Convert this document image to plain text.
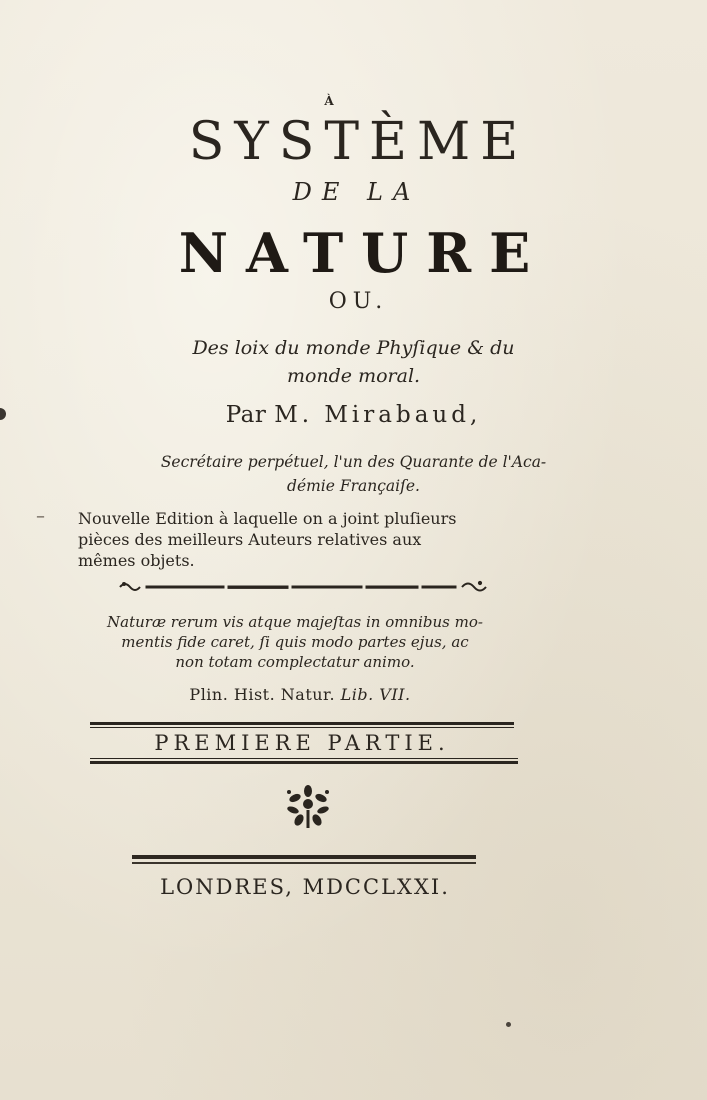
–
À
SYSTÈME
DE LA
NATURE
OU.
Des loix du monde Phyſique & du
monde moral.
Par M. Mirabaud,
Secrétaire perpétuel, l'un des Quarante de l'Aca-
démie Françaiſe.
Nouvelle Edition à laquelle on a joint pluſieurs
pièces des meilleurs Auteurs relatives aux
mêmes objets.
Naturæ rerum vis atque majeſtas in omnibus mo-
mentis fide caret, ſi quis modo partes ejus, ac
non totam complectatur animo.
Plin. Hist. Natur. Lib. VII.
PREMIERE PARTIE.
LONDRES, MDCCLXXI.
